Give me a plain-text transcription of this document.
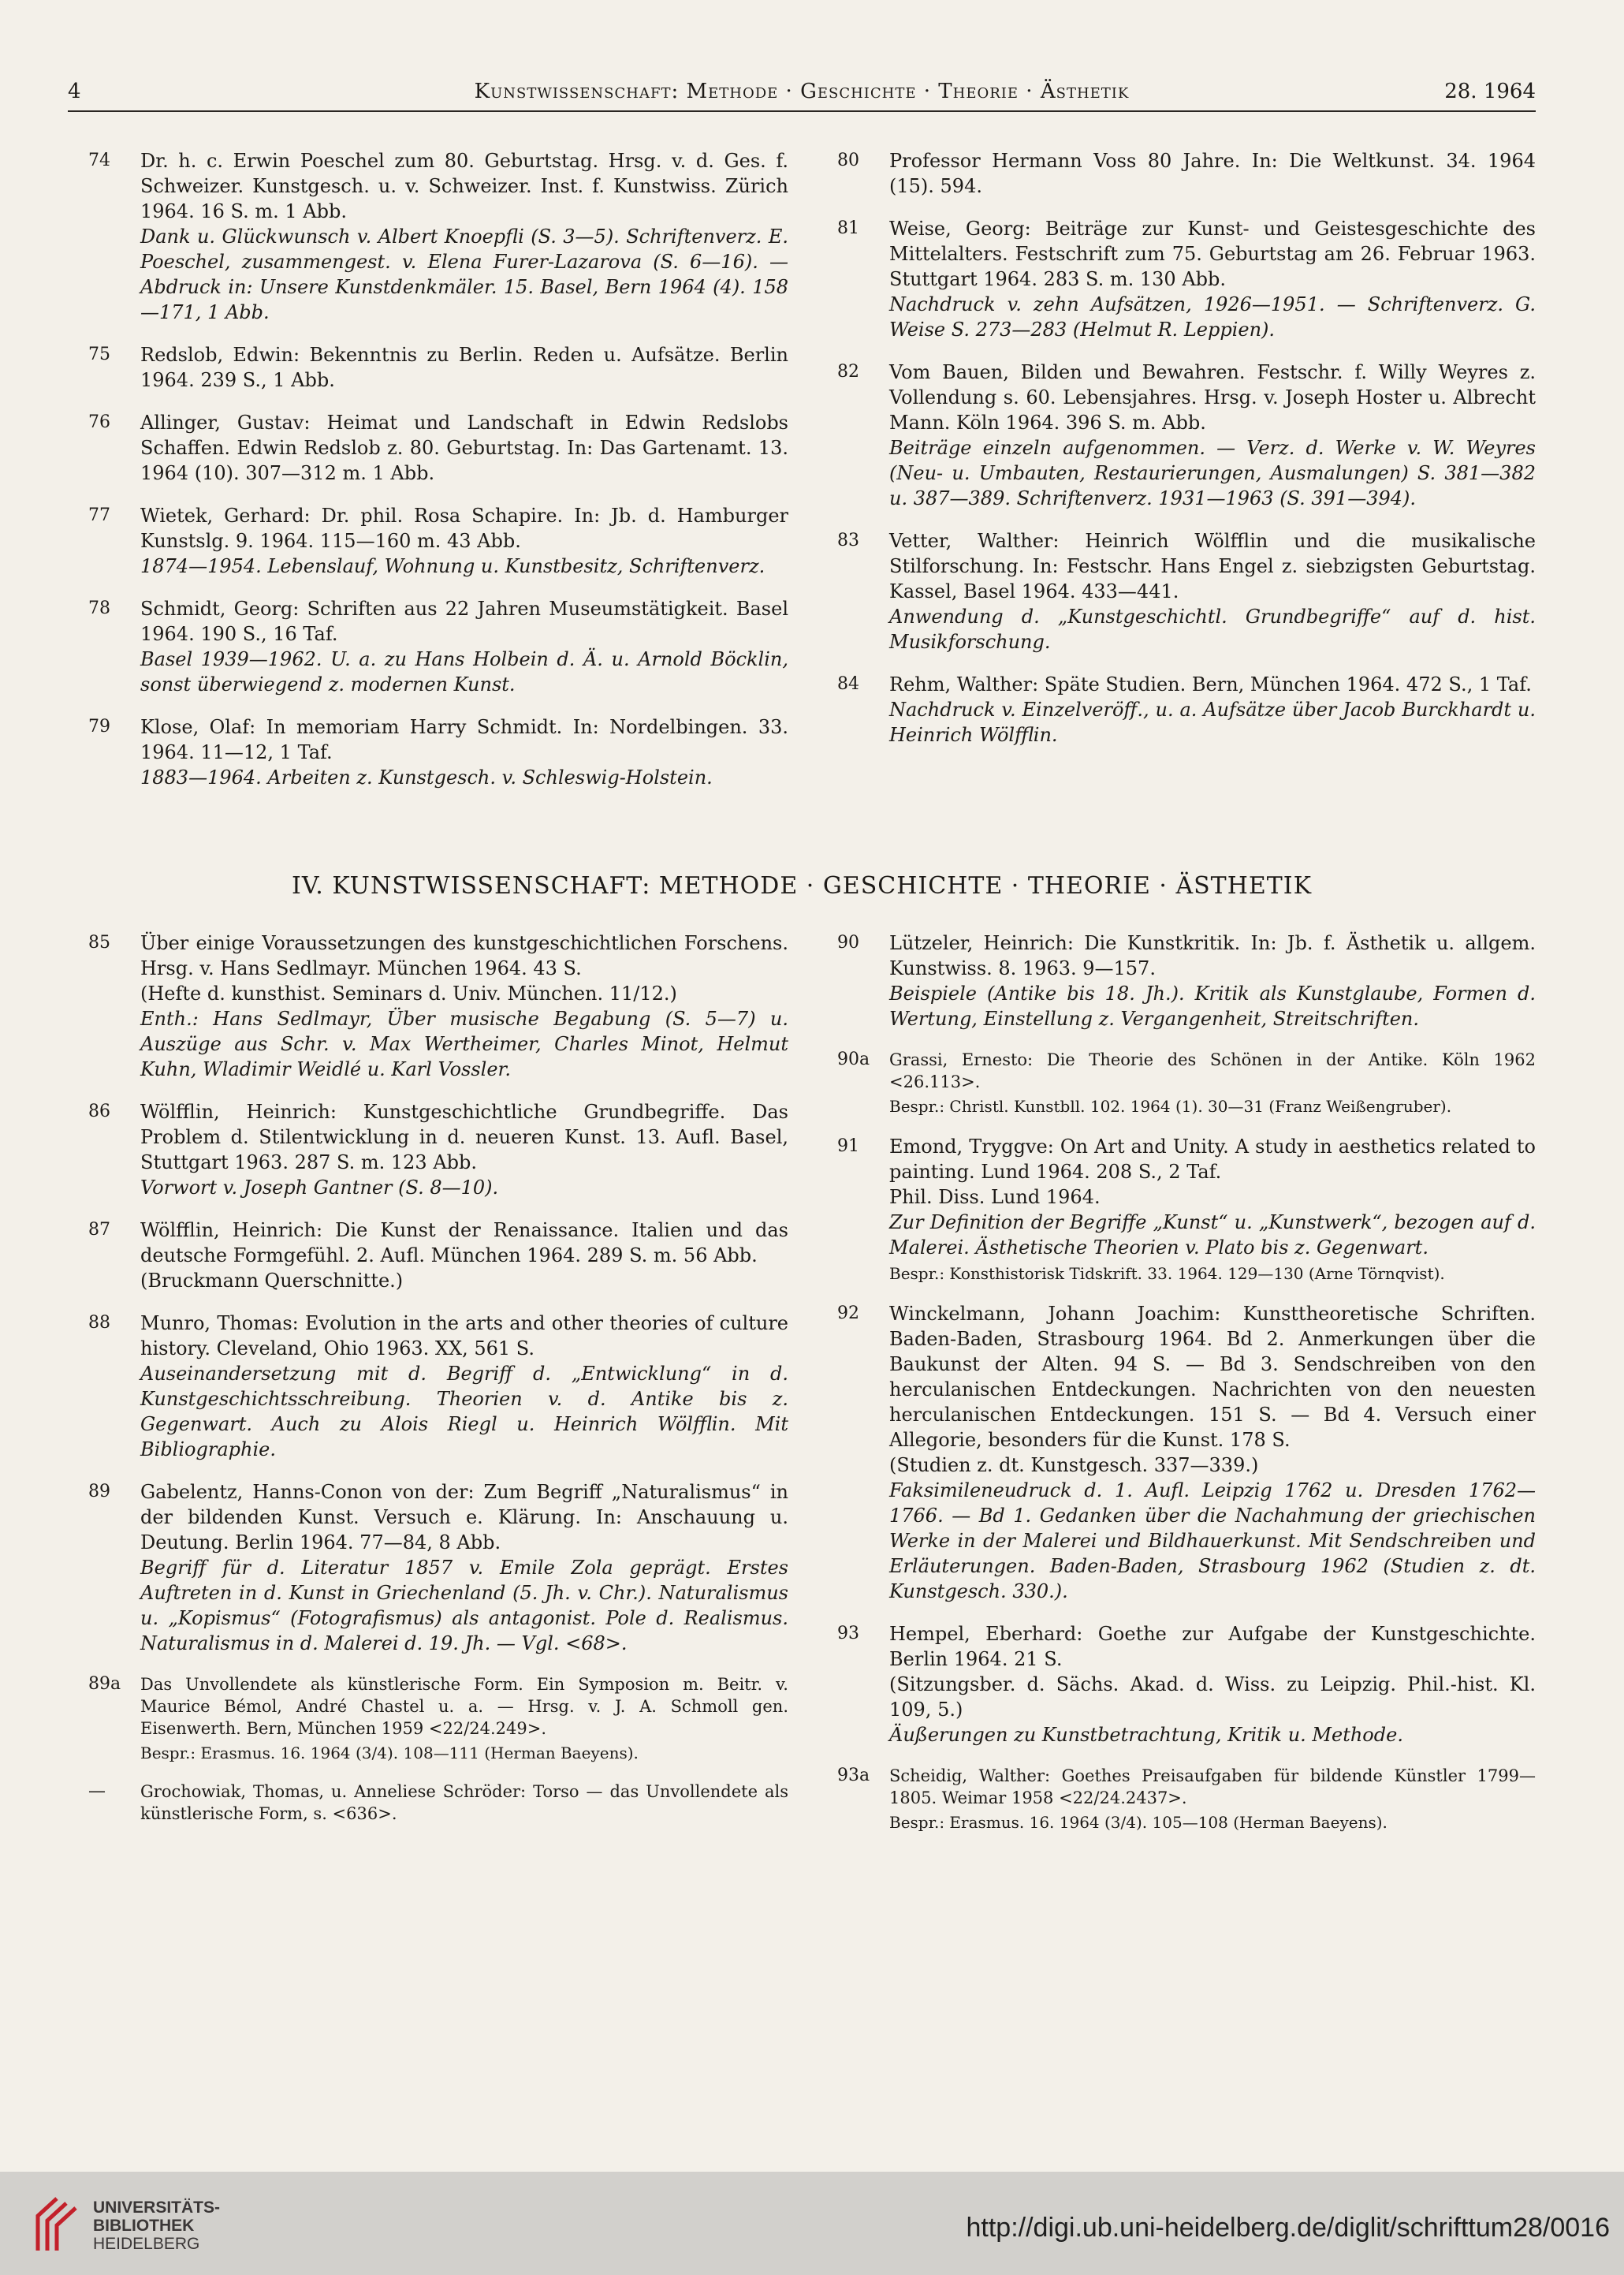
4	Kunstwissenschaft: Methode · Geschichte · Theorie · Ästhetik	28. 1964
74	Dr. h. c. Erwin Poeschel zum 80. Geburtstag. Hrsg. v. d. Ges. f. Schweizer. Kunstgesch. u. v. Schweizer. Inst. f. Kunstwiss. Zürich 1964. 16 S. m. 1 Abb.

Dank u. Glückwunsch v. Albert Knoepfli (S. 3—5). Schriftenverz. E. Poeschel, zusammengest. v. Elena Furer-Lazarova (S. 6—16). — Abdruck in: Unsere Kunstdenkmäler. 15. Basel, Bern 1964 (4). 158—171, 1 Abb.

75	Redslob, Edwin: Bekenntnis zu Berlin. Reden u. Aufsätze. Berlin 1964. 239 S., 1 Abb.

76	Allinger, Gustav: Heimat und Landschaft in Edwin Redslobs Schaffen. Edwin Redslob z. 80. Geburtstag. In: Das Gartenamt. 13. 1964 (10). 307—312 m. 1 Abb.

77	Wietek, Gerhard: Dr. phil. Rosa Schapire. In: Jb. d. Hamburger Kunstslg. 9. 1964. 115—160 m. 43 Abb.

1874—1954. Lebenslauf, Wohnung u. Kunstbesitz, Schriftenverz.

78	Schmidt, Georg: Schriften aus 22 Jahren Museumstätigkeit. Basel 1964. 190 S., 16 Taf.

Basel 1939—1962. U. a. zu Hans Holbein d. Ä. u. Arnold Böcklin, sonst überwiegend z. modernen Kunst.

79	Klose, Olaf: In memoriam Harry Schmidt. In: Nordelbingen. 33. 1964. 11—12, 1 Taf.

1883—1964. Arbeiten z. Kunstgesch. v. Schleswig-Holstein.

80	Professor Hermann Voss 80 Jahre. In: Die Weltkunst. 34. 1964 (15). 594.

81	Weise, Georg: Beiträge zur Kunst- und Geistesgeschichte des Mittelalters. Festschrift zum 75. Geburtstag am 26. Februar 1963. Stuttgart 1964. 283 S. m. 130 Abb.

Nachdruck v. zehn Aufsätzen, 1926—1951. — Schriftenverz. G. Weise S. 273—283 (Helmut R. Leppien).

82	Vom Bauen, Bilden und Bewahren. Festschr. f. Willy Weyres z. Vollendung s. 60. Lebensjahres. Hrsg. v. Joseph Hoster u. Albrecht Mann. Köln 1964. 396 S. m. Abb.

Beiträge einzeln aufgenommen. — Verz. d. Werke v. W. Weyres (Neu- u. Umbauten, Restaurierungen, Ausmalungen) S. 381—382 u. 387—389. Schriftenverz. 1931—1963 (S. 391—394).

83	Vetter, Walther: Heinrich Wölfflin und die musikalische Stilforschung. In: Festschr. Hans Engel z. siebzigsten Geburtstag. Kassel, Basel 1964. 433—441.

Anwendung d. „Kunstgeschichtl. Grundbegriffe“ auf d. hist. Musikforschung.

84	Rehm, Walther: Späte Studien. Bern, München 1964. 472 S., 1 Taf.

Nachdruck v. Einzelveröff., u. a. Aufsätze über Jacob Burckhardt u. Heinrich Wölfflin.

IV. KUNSTWISSENSCHAFT: METHODE · GESCHICHTE · THEORIE · ÄSTHETIK
85	Über einige Voraussetzungen des kunstgeschichtlichen Forschens. Hrsg. v. Hans Sedlmayr. München 1964. 43 S.

(Hefte d. kunsthist. Seminars d. Univ. München. 11/12.)

Enth.: Hans Sedlmayr, Über musische Begabung (S. 5—7) u. Auszüge aus Schr. v. Max Wertheimer, Charles Minot, Helmut Kuhn, Wladimir Weidlé u. Karl Vossler.

86	Wölfflin, Heinrich: Kunstgeschichtliche Grundbegriffe. Das Problem d. Stilentwicklung in d. neueren Kunst. 13. Aufl. Basel, Stuttgart 1963. 287 S. m. 123 Abb.

Vorwort v. Joseph Gantner (S. 8—10).

87	Wölfflin, Heinrich: Die Kunst der Renaissance. Italien und das deutsche Formgefühl. 2. Aufl. München 1964. 289 S. m. 56 Abb.

(Bruckmann Querschnitte.)

88	Munro, Thomas: Evolution in the arts and other theories of culture history. Cleveland, Ohio 1963. XX, 561 S.

Auseinandersetzung mit d. Begriff d. „Entwicklung“ in d. Kunstgeschichtsschreibung. Theorien v. d. Antike bis z. Gegenwart. Auch zu Alois Riegl u. Heinrich Wölfflin. Mit Bibliographie.

89	Gabelentz, Hanns-Conon von der: Zum Begriff „Naturalismus“ in der bildenden Kunst. Versuch e. Klärung. In: Anschauung u. Deutung. Berlin 1964. 77—84, 8 Abb.

Begriff für d. Literatur 1857 v. Emile Zola geprägt. Erstes Auftreten in d. Kunst in Griechenland (5. Jh. v. Chr.). Naturalismus u. „Kopismus“ (Fotografismus) als antagonist. Pole d. Realismus. Naturalismus in d. Malerei d. 19. Jh. — Vgl. <68>.

89a	Das Unvollendete als künstlerische Form. Ein Symposion m. Beitr. v. Maurice Bémol, André Chastel u. a. — Hrsg. v. J. A. Schmoll gen. Eisenwerth. Bern, München 1959 <22/24.249>.

Bespr.: Erasmus. 16. 1964 (3/4). 108—111 (Herman Baeyens).

—	Grochowiak, Thomas, u. Anneliese Schröder: Torso — das Unvollendete als künstlerische Form, s. <636>.

90	Lützeler, Heinrich: Die Kunstkritik. In: Jb. f. Ästhetik u. allgem. Kunstwiss. 8. 1963. 9—157.

Beispiele (Antike bis 18. Jh.). Kritik als Kunstglaube, Formen d. Wertung, Einstellung z. Vergangenheit, Streitschriften.

90a	Grassi, Ernesto: Die Theorie des Schönen in der Antike. Köln 1962 <26.113>.

Bespr.: Christl. Kunstbll. 102. 1964 (1). 30—31 (Franz Weißengruber).

91	Emond, Tryggve: On Art and Unity. A study in aesthetics related to painting. Lund 1964. 208 S., 2 Taf.

Phil. Diss. Lund 1964.

Zur Definition der Begriffe „Kunst“ u. „Kunstwerk“, bezogen auf d. Malerei. Ästhetische Theorien v. Plato bis z. Gegenwart.

Bespr.: Konsthistorisk Tidskrift. 33. 1964. 129—130 (Arne Törnqvist).

92	Winckelmann, Johann Joachim: Kunsttheoretische Schriften. Baden-Baden, Strasbourg 1964. Bd 2. Anmerkungen über die Baukunst der Alten. 94 S. — Bd 3. Sendschreiben von den herculanischen Entdeckungen. Nachrichten von den neuesten herculanischen Entdeckungen. 151 S. — Bd 4. Versuch einer Allegorie, besonders für die Kunst. 178 S.

(Studien z. dt. Kunstgesch. 337—339.)

Faksimileneudruck d. 1. Aufl. Leipzig 1762 u. Dresden 1762—1766. — Bd 1. Gedanken über die Nachahmung der griechischen Werke in der Malerei und Bildhauerkunst. Mit Sendschreiben und Erläuterungen. Baden-Baden, Strasbourg 1962 (Studien z. dt. Kunstgesch. 330.).

93	Hempel, Eberhard: Goethe zur Aufgabe der Kunstgeschichte. Berlin 1964. 21 S.

(Sitzungsber. d. Sächs. Akad. d. Wiss. zu Leipzig. Phil.-hist. Kl. 109, 5.)

Äußerungen zu Kunstbetrachtung, Kritik u. Methode.

93a	Scheidig, Walther: Goethes Preisaufgaben für bildende Künstler 1799—1805. Weimar 1958 <22/24.2437>.

Bespr.: Erasmus. 16. 1964 (3/4). 105—108 (Herman Baeyens).

UNIVERSITÄTS-
BIBLIOTHEK
HEIDELBERG
http://digi.ub.uni-heidelberg.de/diglit/schrifttum28/0016
